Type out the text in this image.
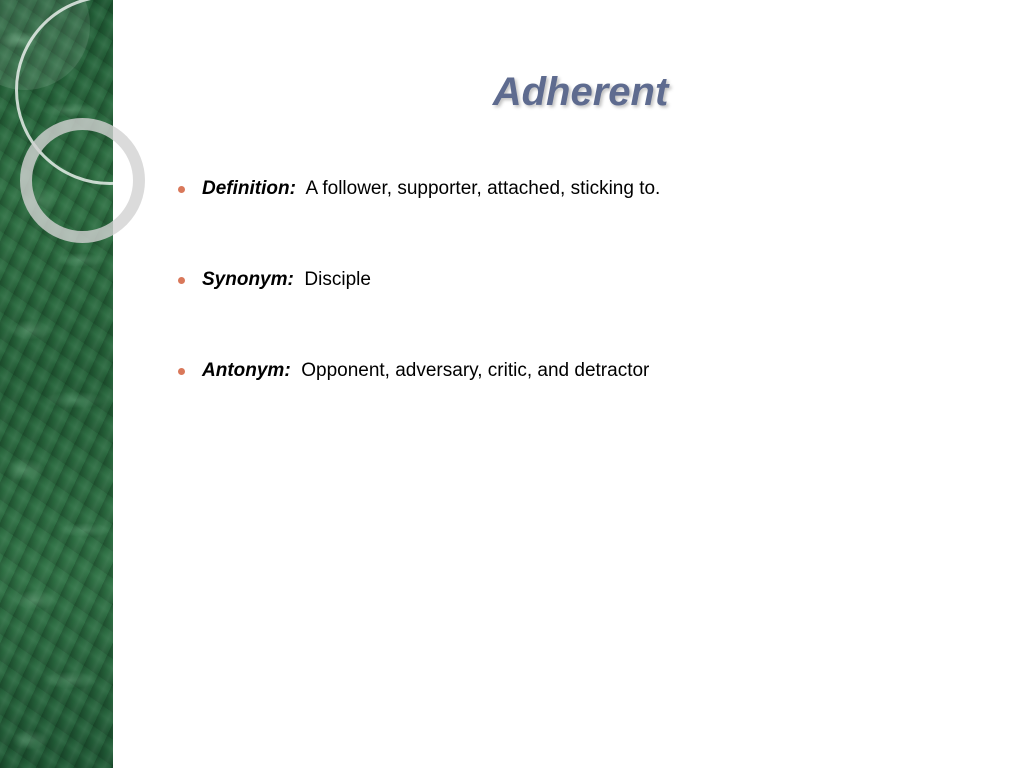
Adherent
Definition: A follower, supporter, attached, sticking to.
Synonym: Disciple
Antonym: Opponent, adversary, critic, and detractor
